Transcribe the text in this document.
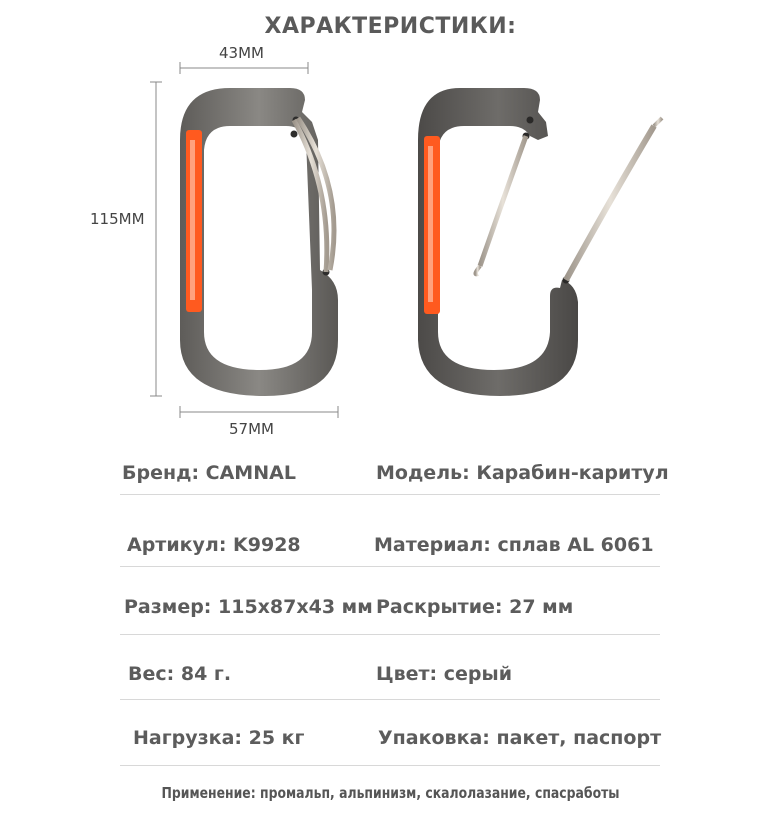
ХАРАКТЕРИСТИКИ:
43MM
115MM
57MM
Бренд: CAMNAL	Модель: Карабин-каритул
Артикул: K9928	Материал: сплав AL 6061
Размер: 115x87x43 мм Раскрытие: 27 мм
Вес: 84 г.	Цвет: серый
Нагрузка: 25 кг	Упаковка: пакет, паспорт
Применение: промальп, альпинизм, скалолазание, спасработы
